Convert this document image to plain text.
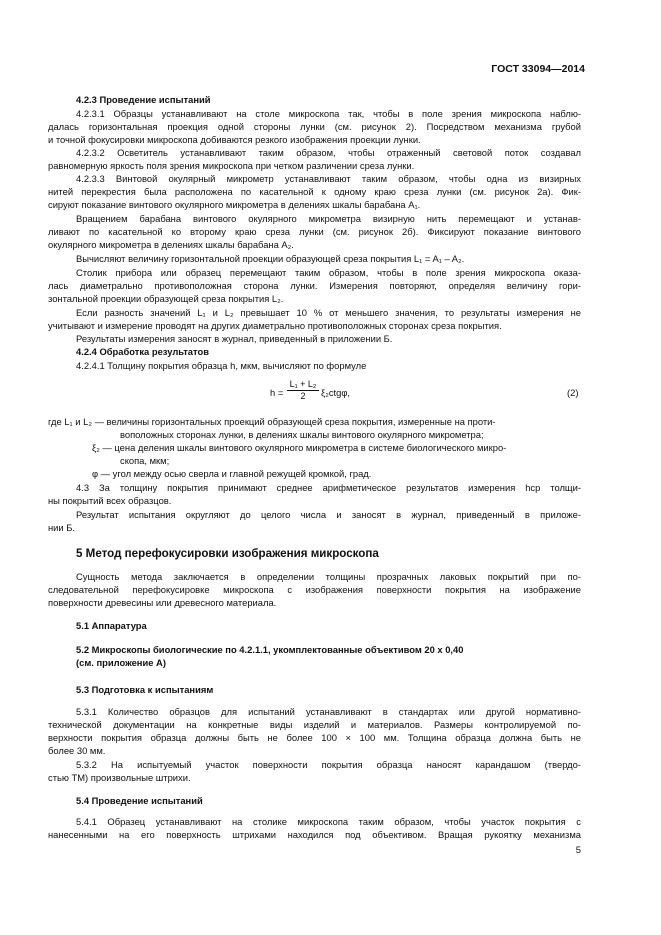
ГОСТ 33094—2014
4.2.3 Проведение испытаний
4.2.3.1 Образцы устанавливают на столе микроскопа так, чтобы в поле зрения микроскопа наблю-
далась горизонтальная проекция одной стороны лунки (см. рисунок 2). Посредством механизма грубой
и точной фокусировки микроскопа добиваются резкого изображения проекции лунки.
4.2.3.2 Осветитель устанавливают таким образом, чтобы отраженный световой поток создавал
равномерную яркость поля зрения микроскопа при четком различении среза лунки.
4.2.3.3 Винтовой окулярный микрометр устанавливают таким образом, чтобы одна из визирных
нитей перекрестия была расположена по касательной к одному краю среза лунки (см. рисунок 2а). Фик-
сируют показание винтового окулярного микрометра в делениях шкалы барабана A₁.
Вращением барабана винтового окулярного микрометра визирную нить перемещают и устанав-
ливают по касательной ко второму краю среза лунки (см. рисунок 2б). Фиксируют показание винтового
окулярного микрометра в делениях шкалы барабана A₂.
Вычисляют величину горизонтальной проекции образующей среза покрытия L₁ = A₁ – A₂.
Столик прибора или образец перемещают таким образом, чтобы в поле зрения микроскопа оказа-
лась диаметрально противоположная сторона лунки. Измерения повторяют, определяя величину гори-
зонтальной проекции образующей среза покрытия L₂.
Если разность значений L₁ и L₂ превышает 10 % от меньшего значения, то результаты измерения не
учитывают и измерение проводят на других диаметрально противоположных сторонах среза покрытия.
Результаты измерения заносят в журнал, приведенный в приложении Б.
4.2.4 Обработка результатов
4.2.4.1 Толщину покрытия образца h, мкм, вычисляют по формуле
$h = \frac{\text{L₁ + L₂}}{2} \xi_2ctg\varphi$,	(2)
где L₁ и L₂ — величины горизонтальных проекций образующей среза покрытия, измеренные на проти-
воположных сторонах лунки, в делениях шкалы винтового окулярного микрометра;
ξ₂ — цена деления шкалы винтового окулярного микрометра в системе биологического микро-
скопа, мкм;
φ — угол между осью сверла и главной режущей кромкой, град.
4.3 За толщину покрытия принимают среднее арифметическое результатов измерения hср толщи-
ны покрытий всех образцов.
Результат испытания округляют до целого числа и заносят в журнал, приведенный в приложе-
нии Б.
5 Метод перефокусировки изображения микроскопа
Сущность метода заключается в определении толщины прозрачных лаковых покрытий при по-
следовательной перефокусировке микроскопа с изображения поверхности покрытия на изображение
поверхности древесины или древесного материала.
5.1 Аппаратура
5.2 Микроскопы биологические по 4.2.1.1, укомплектованные объективом 20 х 0,40
(см. приложение А)
5.3 Подготовка к испытаниям
5.3.1 Количество образцов для испытаний устанавливают в стандартах или другой нормативно-
технической документации на конкретные виды изделий и материалов. Размеры контролируемой по-
верхности покрытия образца должны быть не более 100 × 100 мм. Толщина образца должна быть не
более 30 мм.
5.3.2 На испытуемый участок поверхности покрытия образца наносят карандашом (твердо-
стью ТМ) произвольные штрихи.
5.4 Проведение испытаний
5.4.1 Образец устанавливают на столике микроскопа таким образом, чтобы участок покрытия с
нанесенными на его поверхность штрихами находился под объективом. Вращая рукоятку механизма
5
